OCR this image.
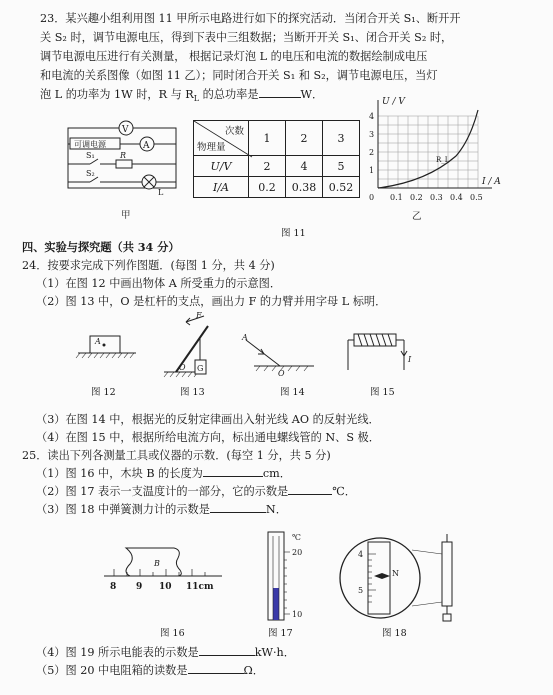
23．某兴趣小组利用图 11 甲所示电路进行如下的探究活动．当闭合开关 S₁、断开开
关 S₂ 时，调节电源电压，得到下表中三组数据；当断开开关 S₁、闭合开关 S₂ 时，
调节电源电压进行有关测量， 根据记录灯泡 L 的电压和电流的数据绘制成电压
和电流的关系图像（如图 11 乙）；同时闭合开关 S₁ 和 S₂，调节电源电压，当灯
泡 L 的功率为 1W 时，R 与 $R_L$ 的总功率是	W．
V
A
可调电源
S₁
S₂
R
L
甲
次数
物理量	1	2	3
U/V	2	4	5
I/A	0.2	0.38	0.52
U / V
I / A
R_L
1
2
3
4
0 0.1 0.2 0.3 0.4 0.5
乙
图 11
四、实验与探究题（共 34 分）
24．按要求完成下列作图题．(每图 1 分，共 4 分)
（1）在图 12 中画出物体 A 所受重力的示意图．
（2）图 13 中，O 是杠杆的支点，画出力 F 的力臂并用字母 L 标明．
A
图 12
F
O G
图 13
A
O
图 14
I
图 15
（3）在图 14 中，根据光的反射定律画出入射光线 AO 的反射光线．
（4）在图 15 中，根据所给电流方向，标出通电螺线管的 N、S 极．
25．读出下列各测量工具或仪器的示数．(每空 1 分，共 5 分)
（1）图 16 中，木块 B 的长度为	cm．
（2）图 17 表示一支温度计的一部分，它的示数是	℃．
（3）图 18 中弹簧测力计的示数是	N．
B
8 9 10 11cm
图 16
℃
20
10
图 17
N
4
5
图 18
（4）图 19 所示电能表的示数是	kW·h．
（5）图 20 中电阻箱的读数是	Ω．
